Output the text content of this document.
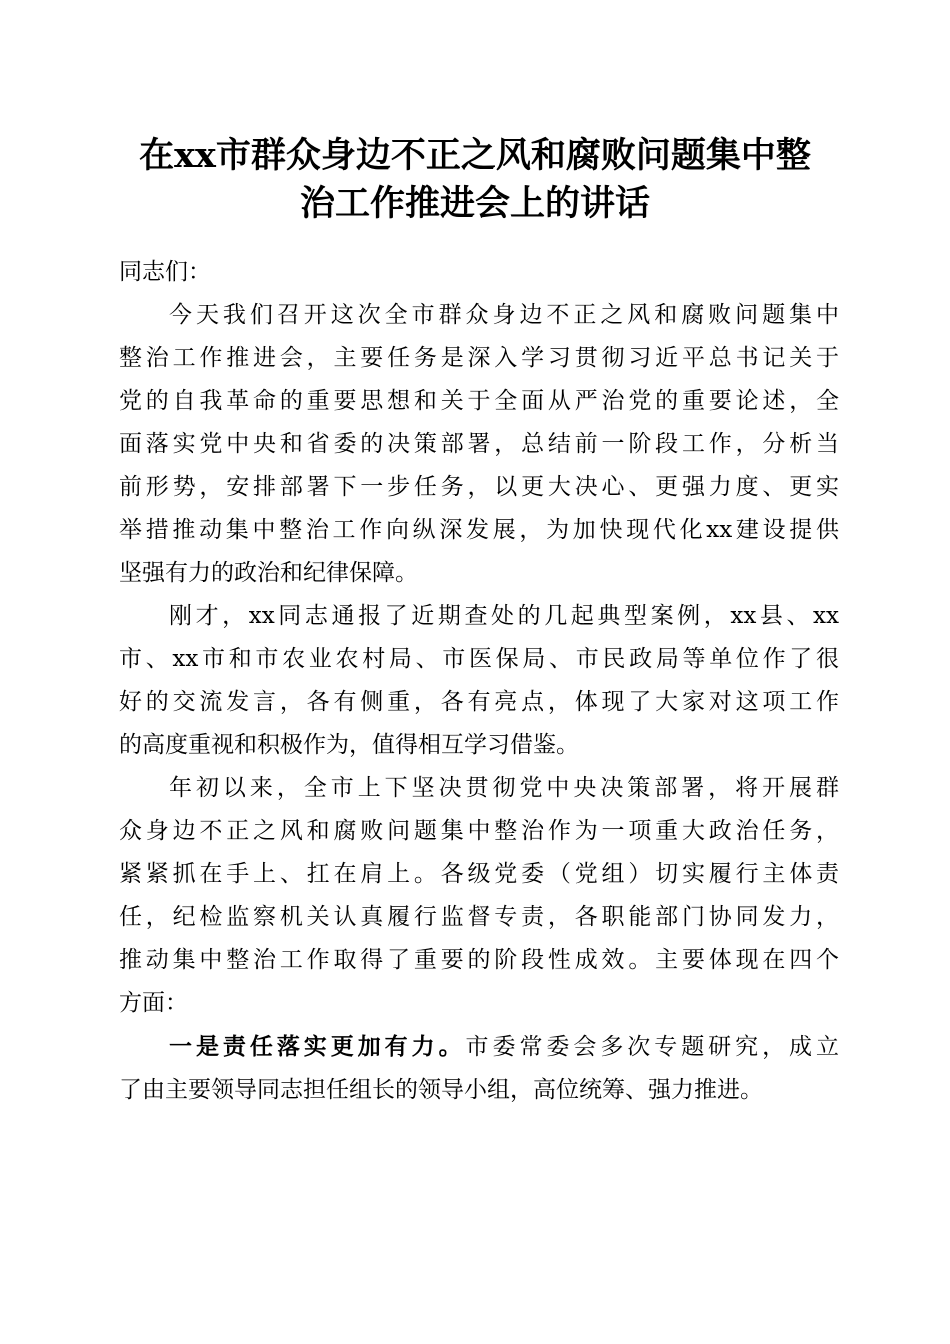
在xx市群众身边不正之风和腐败问题集中整
治工作推进会上的讲话

同志们：

今天我们召开这次全市群众身边不正之风和腐败问题集中
整治工作推进会，主要任务是深入学习贯彻习近平总书记关于
党的自我革命的重要思想和关于全面从严治党的重要论述，全
面落实党中央和省委的决策部署，总结前一阶段工作，分析当
前形势，安排部署下一步任务，以更大决心、更强力度、更实
举措推动集中整治工作向纵深发展，为加快现代化xx建设提供
坚强有力的政治和纪律保障。

刚才，xx同志通报了近期查处的几起典型案例，xx县、xx
市、xx市和市农业农村局、市医保局、市民政局等单位作了很
好的交流发言，各有侧重，各有亮点，体现了大家对这项工作
的高度重视和积极作为，值得相互学习借鉴。

年初以来，全市上下坚决贯彻党中央决策部署，将开展群
众身边不正之风和腐败问题集中整治作为一项重大政治任务，
紧紧抓在手上、扛在肩上。各级党委（党组）切实履行主体责
任，纪检监察机关认真履行监督专责，各职能部门协同发力，
推动集中整治工作取得了重要的阶段性成效。主要体现在四个
方面：

一是责任落实更加有力。市委常委会多次专题研究，成立
了由主要领导同志担任组长的领导小组，高位统筹、强力推进。
